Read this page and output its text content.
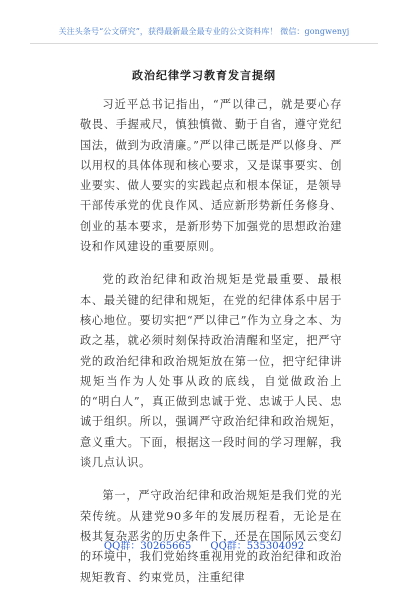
关注头条号“公文研究”，获得最新最全最专业的公文资料库！ 微信：gongwenyj
政治纪律学习教育发言提纲

习近平总书记指出，“严以律己，就是要心存敬畏、手握戒尺，慎独慎微、勤于自省，遵守党纪国法，做到为政清廉。”严以律己既是严以修身、严以用权的具体体现和核心要求，又是谋事要实、创业要实、做人要实的实践起点和根本保证，是领导干部传承党的优良作风、适应新形势新任务修身、创业的基本要求，是新形势下加强党的思想政治建设和作风建设的重要原则。

党的政治纪律和政治规矩是党最重要、最根本、最关键的纪律和规矩，在党的纪律体系中居于核心地位。要切实把“严以律己”作为立身之本、为政之基，就必须时刻保持政治清醒和坚定，把严守党的政治纪律和政治规矩放在第一位，把守纪律讲规矩当作为人处事从政的底线，自觉做政治上的“明白人”，真正做到忠诚于党、忠诚于人民、忠诚于组织。所以，强调严守政治纪律和政治规矩，意义重大。下面，根据这一段时间的学习理解，我谈几点认识。

第一，严守政治纪律和政治规矩是我们党的光荣传统。从建党90多年的发展历程看，无论是在极其复杂恶劣的历史条件下，还是在国际风云变幻的环境中，我们党始终重视用党的政治纪律和政治规矩教育、约束党员，注重纪律

QQ群：30265665 QQ群：535304092
